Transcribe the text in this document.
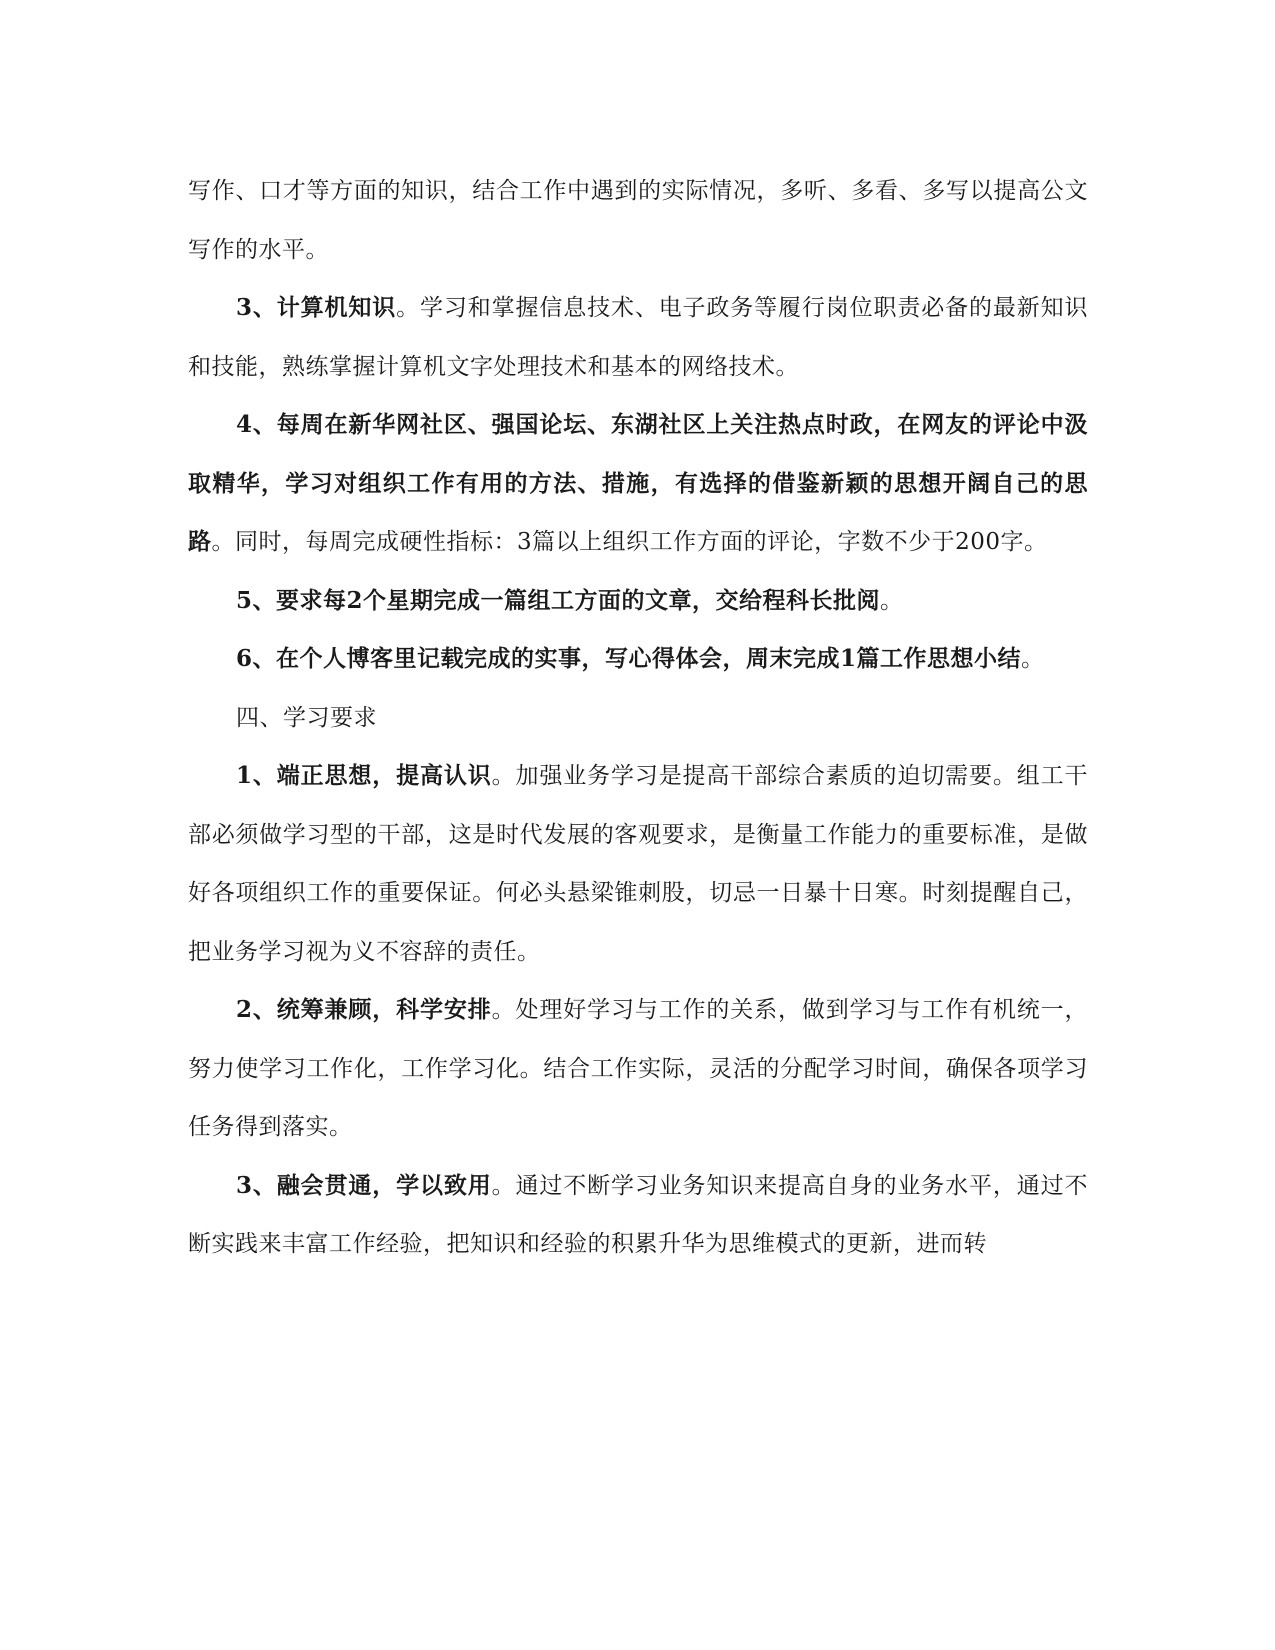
写作、口才等方面的知识，结合工作中遇到的实际情况，多听、多看、多写以提高公文写作的水平。

3、计算机知识。学习和掌握信息技术、电子政务等履行岗位职责必备的最新知识和技能，熟练掌握计算机文字处理技术和基本的网络技术。

4、每周在新华网社区、强国论坛、东湖社区上关注热点时政，在网友的评论中汲取精华，学习对组织工作有用的方法、措施，有选择的借鉴新颖的思想开阔自己的思路。同时，每周完成硬性指标：3篇以上组织工作方面的评论，字数不少于200字。

5、要求每2个星期完成一篇组工方面的文章，交给程科长批阅。

6、在个人博客里记载完成的实事，写心得体会，周末完成1篇工作思想小结。

四、学习要求

1、端正思想，提高认识。加强业务学习是提高干部综合素质的迫切需要。组工干部必须做学习型的干部，这是时代发展的客观要求，是衡量工作能力的重要标准，是做好各项组织工作的重要保证。何必头悬梁锥刺股，切忌一日暴十日寒。时刻提醒自己，把业务学习视为义不容辞的责任。

2、统筹兼顾，科学安排。处理好学习与工作的关系，做到学习与工作有机统一，努力使学习工作化，工作学习化。结合工作实际，灵活的分配学习时间，确保各项学习任务得到落实。

3、融会贯通，学以致用。通过不断学习业务知识来提高自身的业务水平，通过不断实践来丰富工作经验，把知识和经验的积累升华为思维模式的更新，进而转
